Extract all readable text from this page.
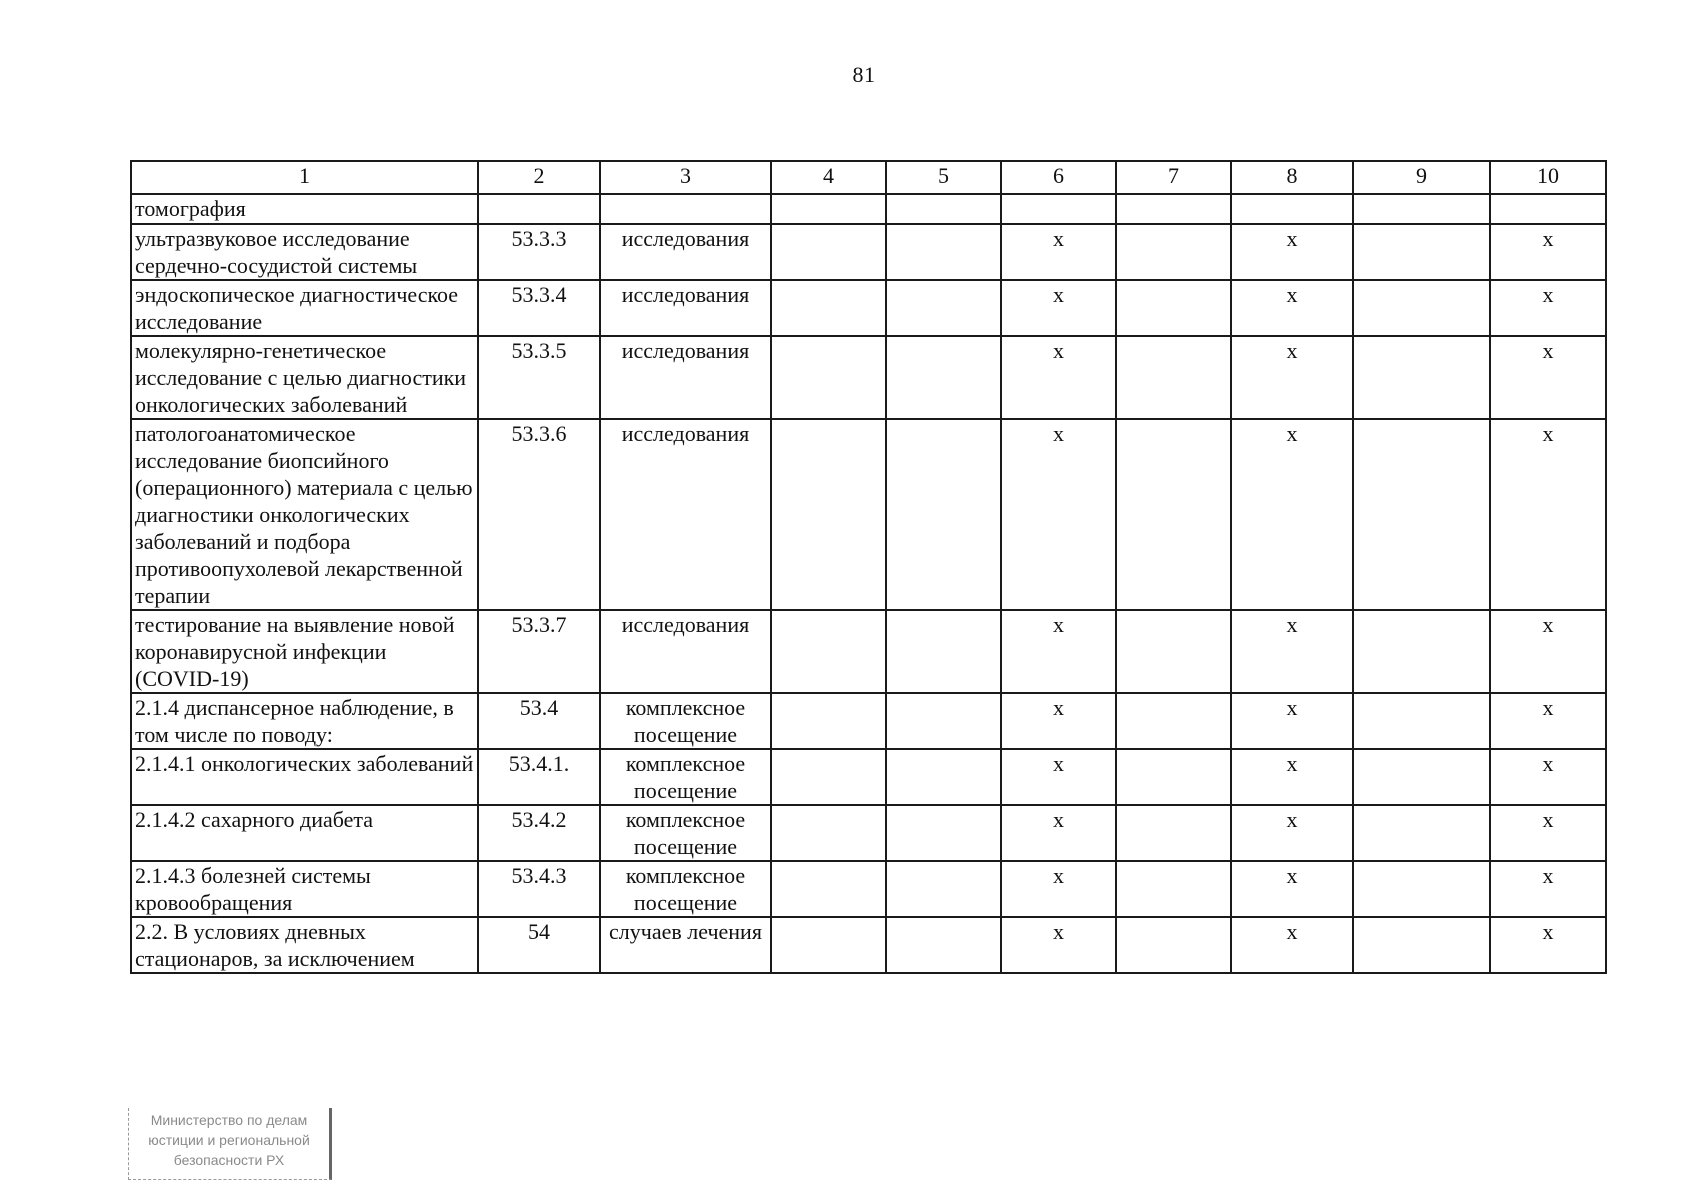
81
1	2	3	4	5	6	7	8	9	10
томография									
ультразвуковое исследование сердечно-сосудистой системы	53.3.3	исследования			х		х		х
эндоскопическое диагностическое исследование	53.3.4	исследования			х		х		х
молекулярно-генетическое исследование с целью диагностики онкологических заболеваний	53.3.5	исследования			х		х		х
патологоанатомическое исследование биопсийного (операционного) материала с целью диагностики онкологических заболеваний и подбора противоопухолевой лекарственной терапии	53.3.6	исследования			х		х		х
тестирование на выявление новой коронавирусной инфекции (COVID-19)	53.3.7	исследования			х		х		х
2.1.4 диспансерное наблюдение, в том числе по поводу:	53.4	комплексное посещение			х		х		х
2.1.4.1 онкологических заболеваний	53.4.1.	комплексное посещение			х		х		х
2.1.4.2 сахарного диабета	53.4.2	комплексное посещение			х		х		х
2.1.4.3 болезней системы кровообращения	53.4.3	комплексное посещение			х		х		х
2.2. В условиях дневных стационаров, за исключением	54	случаев лечения			х		х		х
Министерство по делам
юстиции и региональной
безопасности РХ
